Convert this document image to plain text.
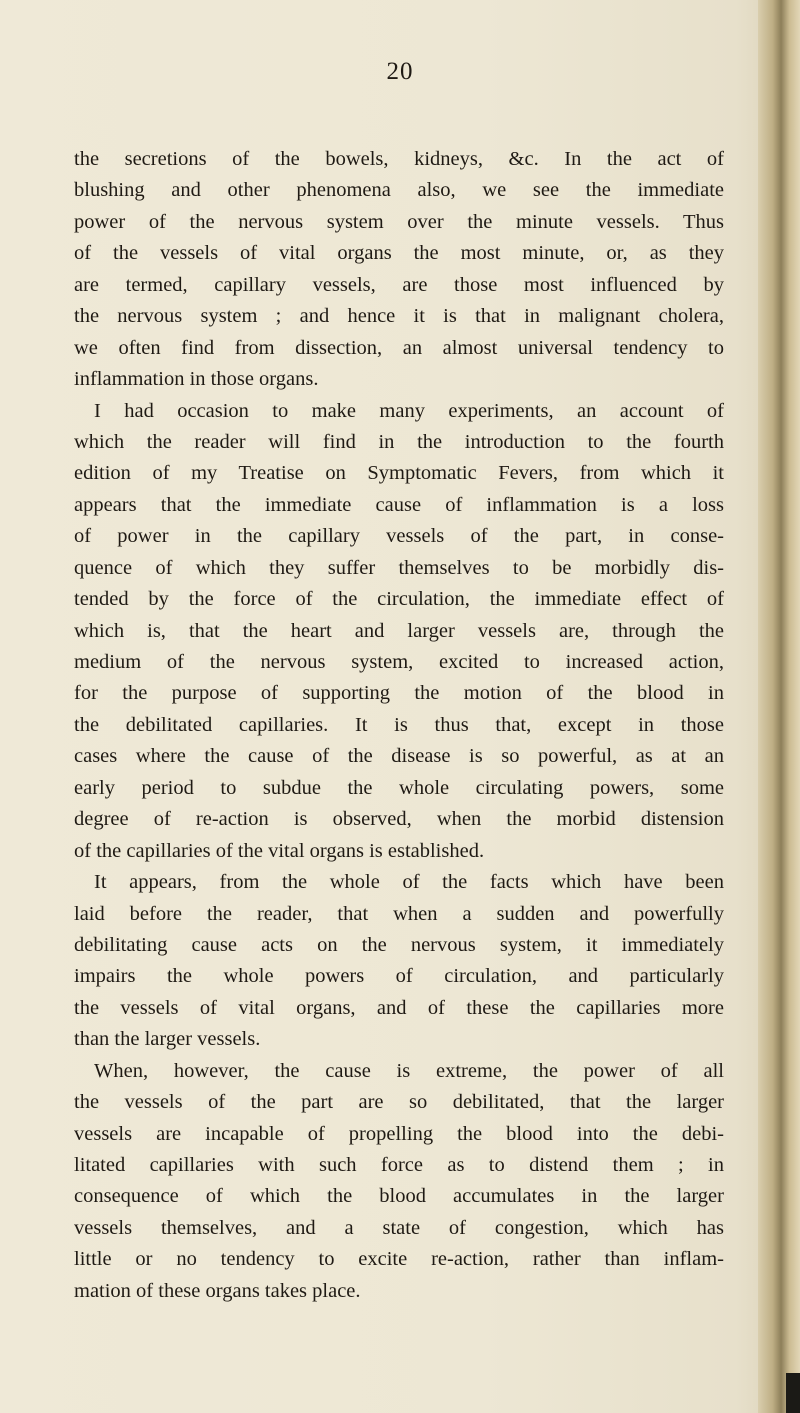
20
the secretions of the bowels, kidneys, &c. In the act of
blushing and other phenomena also, we see the immediate
power of the nervous system over the minute vessels. Thus
of the vessels of vital organs the most minute, or, as they
are termed, capillary vessels, are those most influenced by
the nervous system ; and hence it is that in malignant cholera,
we often find from dissection, an almost universal tendency to
inflammation in those organs.
I had occasion to make many experiments, an account of
which the reader will find in the introduction to the fourth
edition of my Treatise on Symptomatic Fevers, from which it
appears that the immediate cause of inflammation is a loss
of power in the capillary vessels of the part, in conse-
quence of which they suffer themselves to be morbidly dis-
tended by the force of the circulation, the immediate effect of
which is, that the heart and larger vessels are, through the
medium of the nervous system, excited to increased action,
for the purpose of supporting the motion of the blood in
the debilitated capillaries. It is thus that, except in those
cases where the cause of the disease is so powerful, as at an
early period to subdue the whole circulating powers, some
degree of re-action is observed, when the morbid distension
of the capillaries of the vital organs is established.
It appears, from the whole of the facts which have been
laid before the reader, that when a sudden and powerfully
debilitating cause acts on the nervous system, it immediately
impairs the whole powers of circulation, and particularly
the vessels of vital organs, and of these the capillaries more
than the larger vessels.
When, however, the cause is extreme, the power of all
the vessels of the part are so debilitated, that the larger
vessels are incapable of propelling the blood into the debi-
litated capillaries with such force as to distend them ; in
consequence of which the blood accumulates in the larger
vessels themselves, and a state of congestion, which has
little or no tendency to excite re-action, rather than inflam-
mation of these organs takes place.
